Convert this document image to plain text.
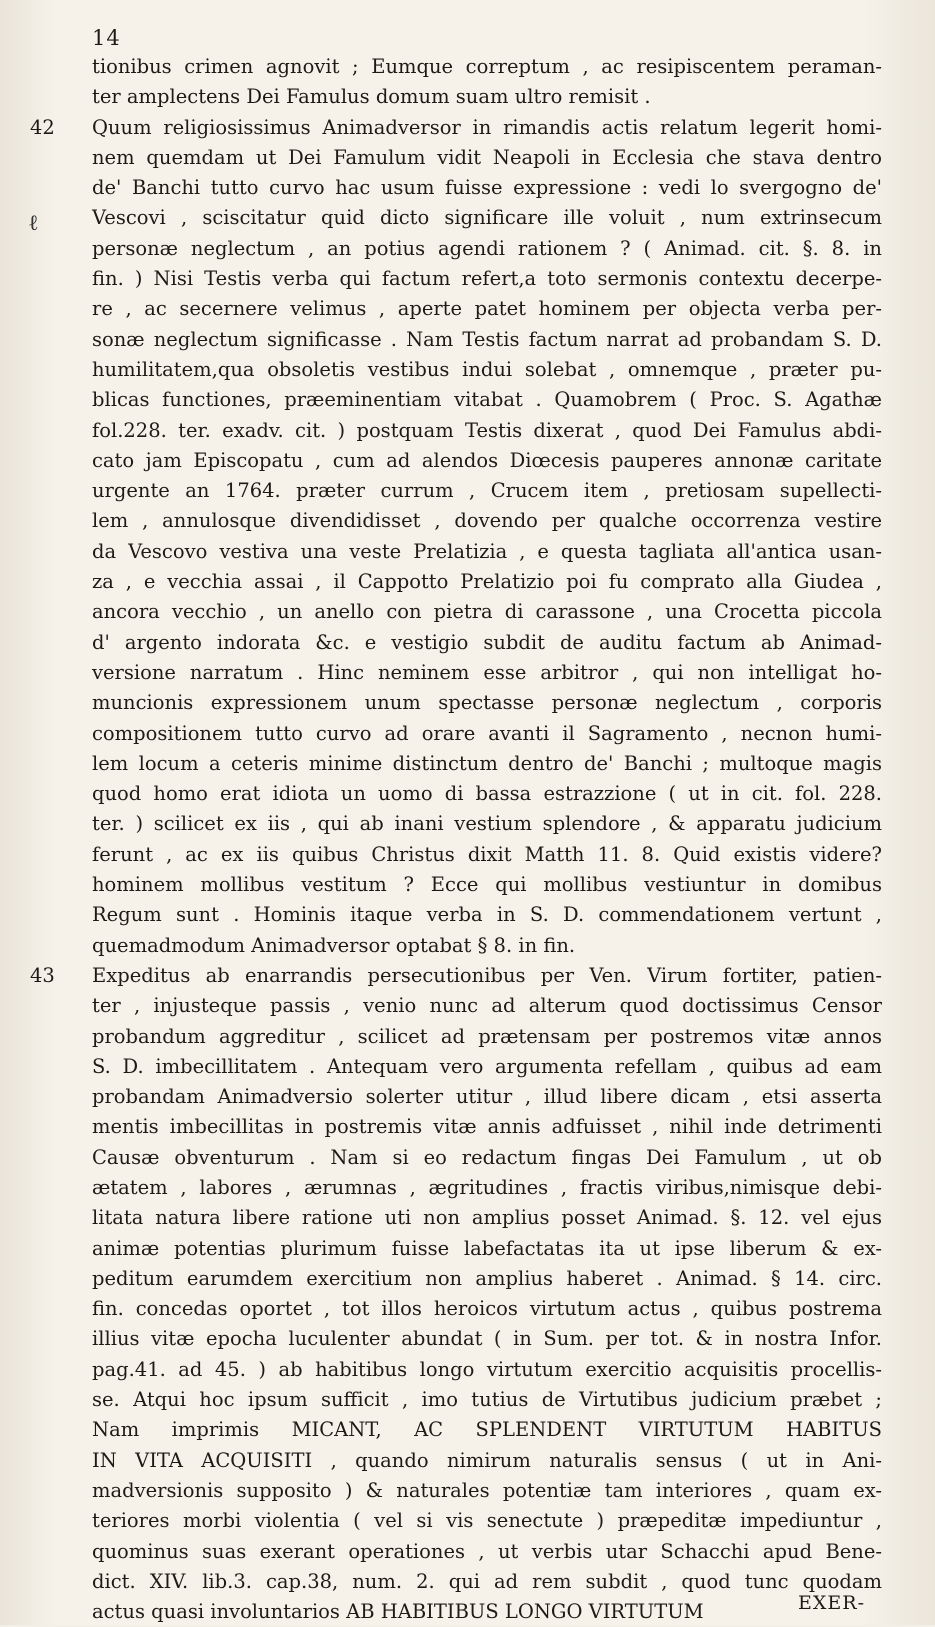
14
ℓ
tionibus crimen agnovit ; Eumque correptum , ac resipiscentem peraman-
ter amplectens Dei Famulus domum suam ultro remisit .
42 Quum religiosissimus Animadversor in rimandis actis relatum legerit homi-
nem quemdam ut Dei Famulum vidit Neapoli in Ecclesia che stava dentro
de' Banchi tutto curvo hac usum fuisse expressione : vedi lo svergogno de'
Vescovi , sciscitatur quid dicto significare ille voluit , num extrinsecum
personæ neglectum , an potius agendi rationem ? ( Animad. cit. §. 8. in
fin. ) Nisi Testis verba qui factum refert,a toto sermonis contextu decerpe-
re , ac secernere velimus , aperte patet hominem per objecta verba per-
sonæ neglectum significasse . Nam Testis factum narrat ad probandam S. D.
humilitatem,qua obsoletis vestibus indui solebat , omnemque , præter pu-
blicas functiones, præeminentiam vitabat . Quamobrem ( Proc. S. Agathæ
fol.228. ter. exadv. cit. ) postquam Testis dixerat , quod Dei Famulus abdi-
cato jam Episcopatu , cum ad alendos Diœcesis pauperes annonæ caritate
urgente an 1764. præter currum , Crucem item , pretiosam supellecti-
lem , annulosque divendidisset , dovendo per qualche occorrenza vestire
da Vescovo vestiva una veste Prelatizia , e questa tagliata all'antica usan-
za , e vecchia assai , il Cappotto Prelatizio poi fu comprato alla Giudea ,
ancora vecchio , un anello con pietra di carassone , una Crocetta piccola
d' argento indorata &c. e vestigio subdit de auditu factum ab Animad-
versione narratum . Hinc neminem esse arbitror , qui non intelligat ho-
muncionis expressionem unum spectasse personæ neglectum , corporis
compositionem tutto curvo ad orare avanti il Sagramento , necnon humi-
lem locum a ceteris minime distinctum dentro de' Banchi ; multoque magis
quod homo erat idiota un uomo di bassa estrazzione ( ut in cit. fol. 228.
ter. ) scilicet ex iis , qui ab inani vestium splendore , & apparatu judicium
ferunt , ac ex iis quibus Christus dixit Matth 11. 8. Quid existis videre?
hominem mollibus vestitum ? Ecce qui mollibus vestiuntur in domibus
Regum sunt . Hominis itaque verba in S. D. commendationem vertunt ,
quemadmodum Animadversor optabat § 8. in fin.
43 Expeditus ab enarrandis persecutionibus per Ven. Virum fortiter, patien-
ter , injusteque passis , venio nunc ad alterum quod doctissimus Censor
probandum aggreditur , scilicet ad prætensam per postremos vitæ annos
S. D. imbecillitatem . Antequam vero argumenta refellam , quibus ad eam
probandam Animadversio solerter utitur , illud libere dicam , etsi asserta
mentis imbecillitas in postremis vitæ annis adfuisset , nihil inde detrimenti
Causæ obventurum . Nam si eo redactum fingas Dei Famulum , ut ob
ætatem , labores , ærumnas , ægritudines , fractis viribus,nimisque debi-
litata natura libere ratione uti non amplius posset Animad. §. 12. vel ejus
animæ potentias plurimum fuisse labefactatas ita ut ipse liberum & ex-
peditum earumdem exercitium non amplius haberet . Animad. § 14. circ.
fin. concedas oportet , tot illos heroicos virtutum actus , quibus postrema
illius vitæ epocha luculenter abundat ( in Sum. per tot. & in nostra Infor.
pag.41. ad 45. ) ab habitibus longo virtutum exercitio acquisitis procellis-
se. Atqui hoc ipsum sufficit , imo tutius de Virtutibus judicium præbet ;
Nam imprimis MICANT, AC SPLENDENT VIRTUTUM HABITUS
IN VITA ACQUISITI , quando nimirum naturalis sensus ( ut in Ani-
madversionis supposito ) & naturales potentiæ tam interiores , quam ex-
teriores morbi violentia ( vel si vis senectute ) præpeditæ impediuntur ,
quominus suas exerant operationes , ut verbis utar Schacchi apud Bene-
dict. XIV. lib.3. cap.38, num. 2. qui ad rem subdit , quod tunc quodam
actus quasi involuntarios AB HABITIBUS LONGO VIRTUTUM	EXER-
